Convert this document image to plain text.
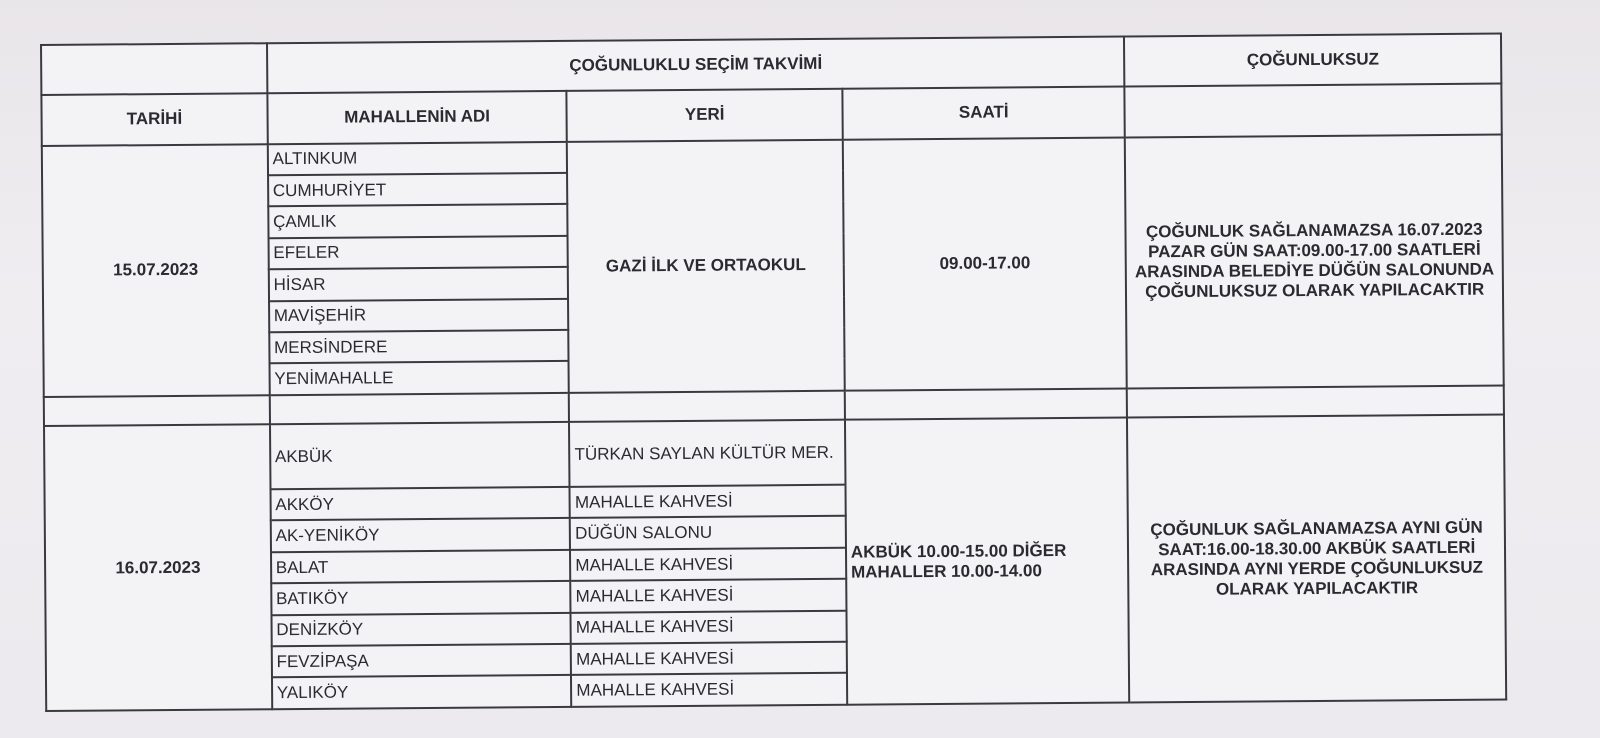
	ÇOĞUNLUKLU SEÇİM TAKVİMİ			ÇOĞUNLUKSUZ
TARİHİ	MAHALLENİN ADI	YERİ	SAATİ	
15.07.2023	ALTINKUM	GAZİ İLK VE ORTAOKUL	09.00-17.00	ÇOĞUNLUK SAĞLANAMAZSA 16.07.2023 PAZAR GÜN SAAT:09.00-17.00 SAATLERİ ARASINDA BELEDİYE DÜĞÜN SALONUNDA ÇOĞUNLUKSUZ OLARAK YAPILACAKTIR
	CUMHURİYET			
	ÇAMLIK			
	EFELER			
	HİSAR			
	MAVİŞEHİR			
	MERSİNDERE			
	YENİMAHALLE			

16.07.2023	AKBÜK	TÜRKAN SAYLAN KÜLTÜR MER.	AKBÜK 10.00-15.00 DİĞER MAHALLER 10.00-14.00	ÇOĞUNLUK SAĞLANAMAZSA AYNI GÜN SAAT:16.00-18.30.00 AKBÜK SAATLERİ ARASINDA AYNI YERDE ÇOĞUNLUKSUZ OLARAK YAPILACAKTIR
	AKKÖY	MAHALLE KAHVESİ		
	AK-YENİKÖY	DÜĞÜN SALONU		
	BALAT	MAHALLE KAHVESİ		
	BATIKÖY	MAHALLE KAHVESİ		
	DENİZKÖY	MAHALLE KAHVESİ		
	FEVZİPAŞA	MAHALLE KAHVESİ		
	YALIKÖY	MAHALLE KAHVESİ		
